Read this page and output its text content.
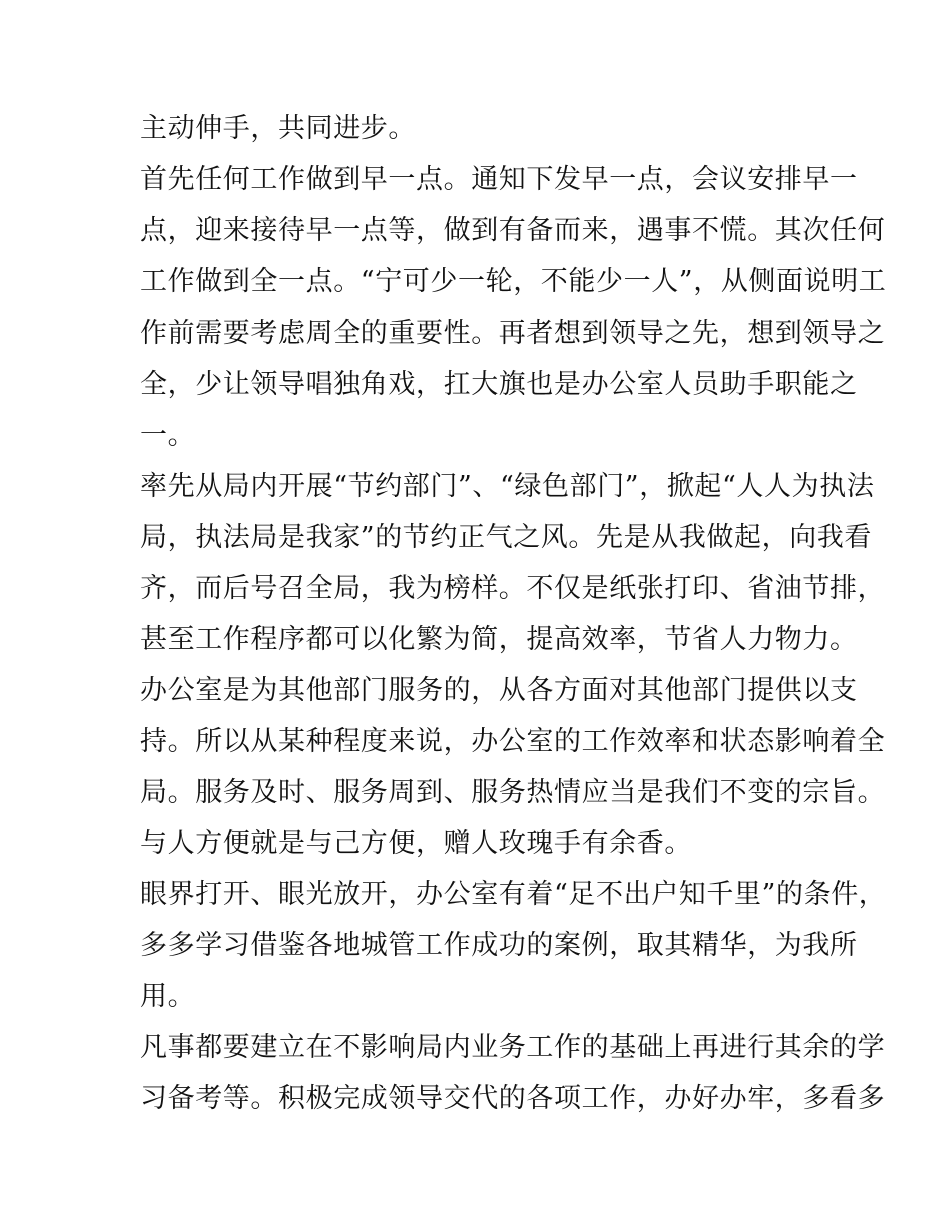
主动伸手，共同进步。

首先任何工作做到早一点。通知下发早一点，会议安排早一

点，迎来接待早一点等，做到有备而来，遇事不慌。其次任何

工作做到全一点。“宁可少一轮，不能少一人”，从侧面说明工

作前需要考虑周全的重要性。再者想到领导之先，想到领导之

全，少让领导唱独角戏，扛大旗也是办公室人员助手职能之

一。

率先从局内开展“节约部门”、“绿色部门”，掀起“人人为执法

局，执法局是我家”的节约正气之风。先是从我做起，向我看

齐，而后号召全局，我为榜样。不仅是纸张打印、省油节排，

甚至工作程序都可以化繁为简，提高效率，节省人力物力。

办公室是为其他部门服务的，从各方面对其他部门提供以支

持。所以从某种程度来说，办公室的工作效率和状态影响着全

局。服务及时、服务周到、服务热情应当是我们不变的宗旨。

与人方便就是与己方便，赠人玫瑰手有余香。

眼界打开、眼光放开，办公室有着“足不出户知千里”的条件，

多多学习借鉴各地城管工作成功的案例，取其精华，为我所

用。

凡事都要建立在不影响局内业务工作的基础上再进行其余的学

习备考等。积极完成领导交代的各项工作，办好办牢，多看多
